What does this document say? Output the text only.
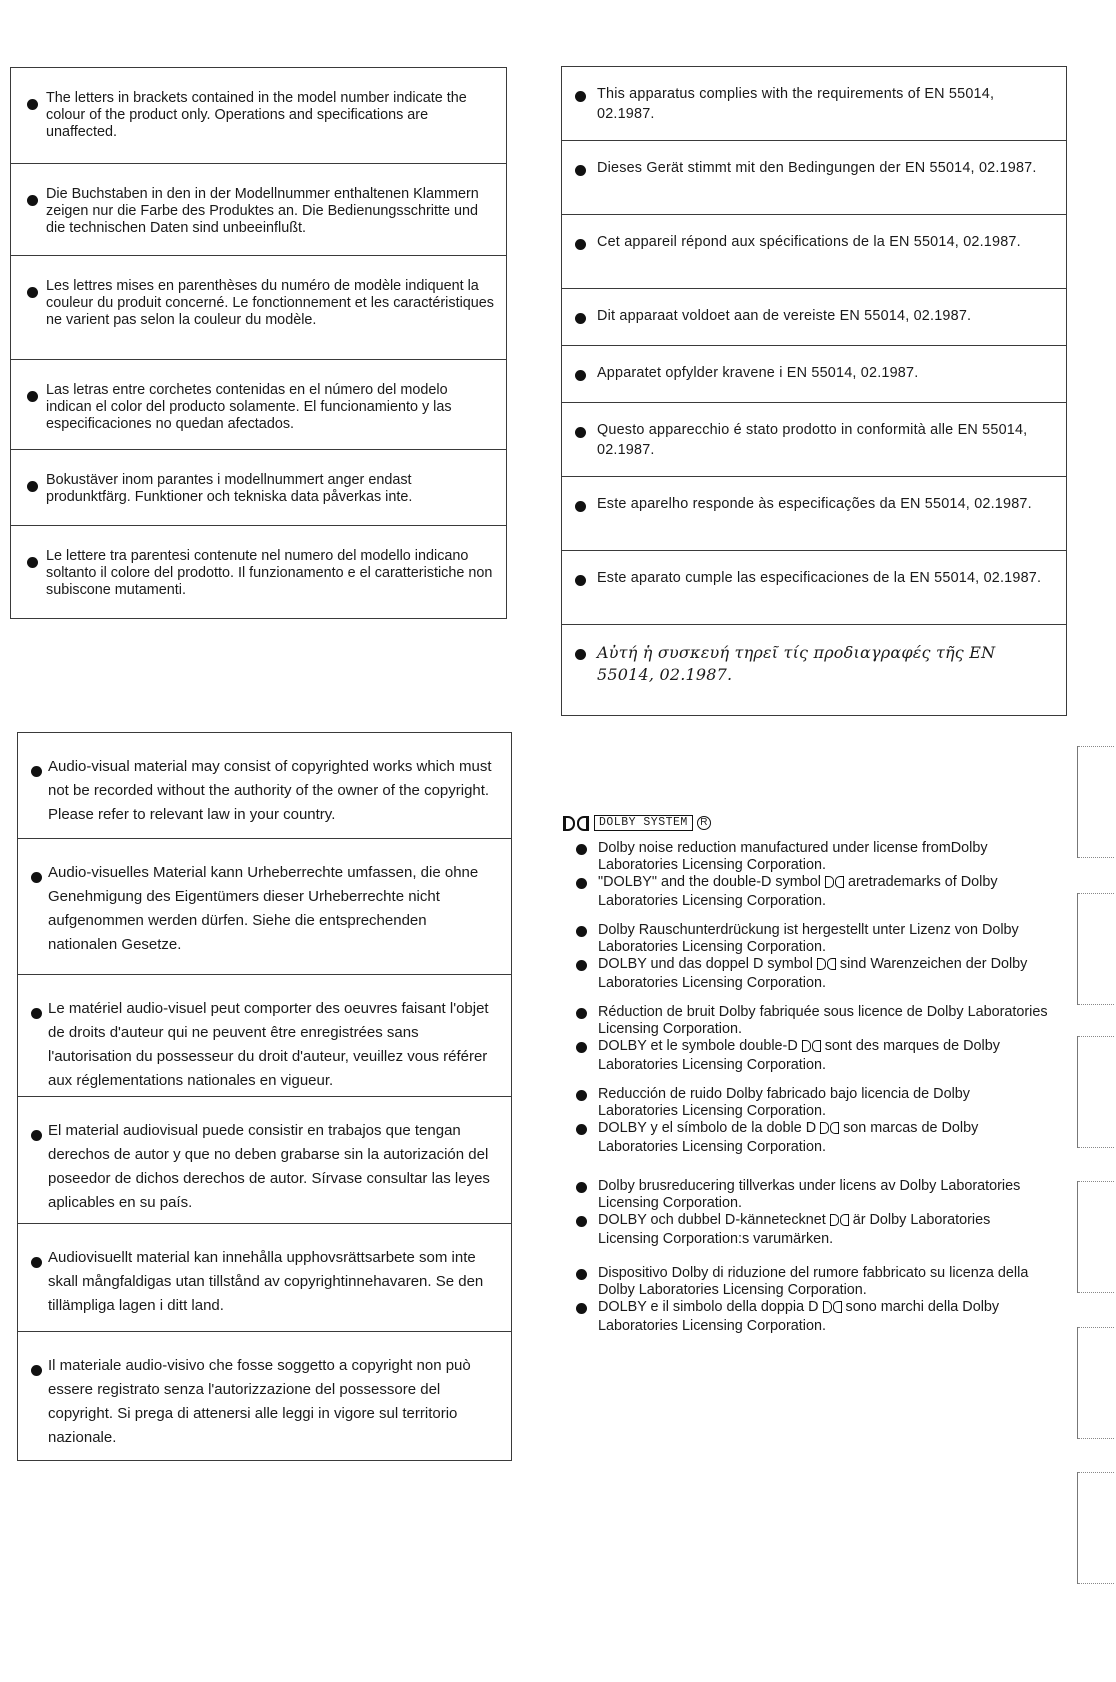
The letters in brackets contained in the model number indicate the colour of the product only. Operations and specifications are unaffected.

Die Buchstaben in den in der Modellnummer enthaltenen Klammern zeigen nur die Farbe des Produktes an. Die Bedienungsschritte und die technischen Daten sind unbeeinflußt.

Les lettres mises en parenthèses du numéro de modèle indiquent la couleur du produit concerné. Le fonctionnement et les caractéristiques ne varient pas selon la couleur du modèle.

Las letras entre corchetes contenidas en el número del modelo indican el color del producto solamente. El funcionamiento y las especificaciones no quedan afectados.

Bokustäver inom parantes i modellnummert anger endast produnktfärg. Funktioner och tekniska data påverkas inte.

Le lettere tra parentesi contenute nel numero del modello indicano soltanto il colore del prodotto. Il funzionamento e el caratteristiche non subiscone mutamenti.

This apparatus complies with the requirements of EN 55014, 02.1987.

Dieses Gerät stimmt mit den Bedingungen der EN 55014, 02.1987.

Cet appareil répond aux spécifications de la EN 55014, 02.1987.

Dit apparaat voldoet aan de vereiste EN 55014, 02.1987.

Apparatet opfylder kravene i EN 55014, 02.1987.

Questo apparecchio é stato prodotto in conformità alle EN 55014, 02.1987.

Este aparelho responde às especificações da EN 55014, 02.1987.

Este aparato cumple las especificaciones de la EN 55014, 02.1987.

Αὐτή ἡ συσκευή τηρεῖ τίς προδιαγραφές τῆς EN 55014, 02.1987.

Audio-visual material may consist of copyrighted works which must not be recorded without the authority of the owner of the copyright. Please refer to relevant law in your country.

Audio-visuelles Material kann Urheberrechte umfassen, die ohne Genehmigung des Eigentümers dieser Urheberrechte nicht aufgenommen werden dürfen. Siehe die entsprechenden nationalen Gesetze.

Le matériel audio-visuel peut comporter des oeuvres faisant l'objet de droits d'auteur qui ne peuvent être enregistrées sans l'autorisation du possesseur du droit d'auteur, veuillez vous référer aux réglementations nationales en vigueur.

El material audiovisual puede consistir en trabajos que tengan derechos de autor y que no deben grabarse sin la autorización del poseedor de dichos derechos de autor. Sírvase consultar las leyes aplicables en su país.

Audiovisuellt material kan innehålla upphovsrättsarbete som inte skall mångfaldigas utan tillstånd av copyrightinnehavaren. Se den tillämpliga lagen i ditt land.

Il materiale audio-visivo che fosse soggetto a copyright non può essere registrato senza l'autorizzazione del possessore del copyright. Si prega di attenersi alle leggi in vigore sul territorio nazionale.

DOLBY SYSTEM	R

Dolby noise reduction manufactured under license fromDolby Laboratories Licensing Corporation.

"DOLBY" and the double-D symbol aretrademarks of Dolby Laboratories Licensing Corporation.

Dolby Rauschunterdrückung ist hergestellt unter Lizenz von Dolby Laboratories Licensing Corporation.

DOLBY und das doppel D symbol sind Warenzeichen der Dolby Laboratories Licensing Corporation.

Réduction de bruit Dolby fabriquée sous licence de Dolby Laboratories Licensing Corporation.

DOLBY et le symbole double-D sont des marques de Dolby Laboratories Licensing Corporation.

Reducción de ruido Dolby fabricado bajo licencia de Dolby Laboratories Licensing Corporation.

DOLBY y el símbolo de la doble D son marcas de Dolby Laboratories Licensing Corporation.

Dolby brusreducering tillverkas under licens av Dolby Laboratories Licensing Corporation.

DOLBY och dubbel D-kännetecknet är Dolby Laboratories Licensing Corporation:s varumärken.

Dispositivo Dolby di riduzione del rumore fabbricato su licenza della Dolby Laboratories Licensing Corporation.

DOLBY e il simbolo della doppia D sono marchi della Dolby Laboratories Licensing Corporation.
